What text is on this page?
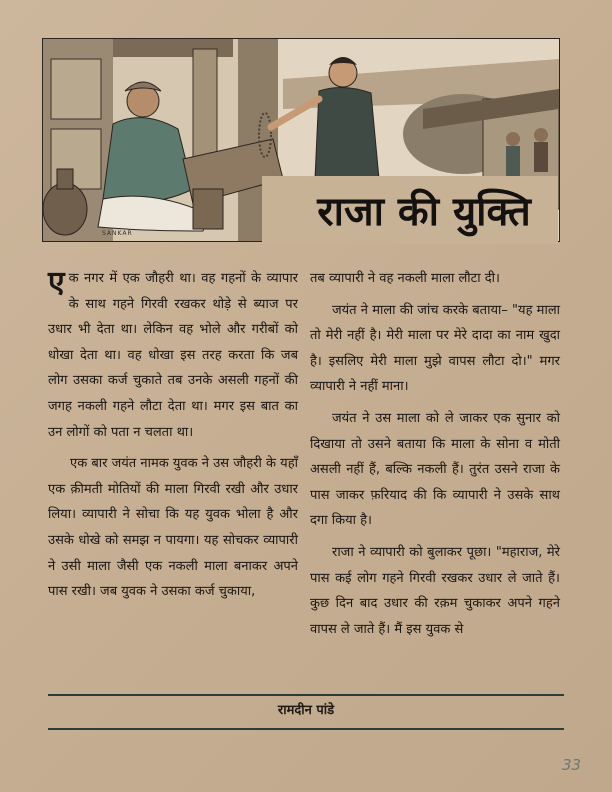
राजा की युक्ति
SANKAR

एक नगर में एक जौहरी था। वह गहनों के व्यापार के साथ गहने गिरवी रखकर थोड़े से ब्याज पर उधार भी देता था। लेकिन वह भोले और गरीबों को धोखा देता था। वह धोखा इस तरह करता कि जब लोग उसका कर्ज चुकाते तब उनके असली गहनों की जगह नकली गहने लौटा देता था। मगर इस बात का उन लोगों को पता न चलता था।

एक बार जयंत नामक युवक ने उस जौहरी के यहाँ एक क़ीमती मोतियों की माला गिरवी रखी और उधार लिया। व्यापारी ने सोचा कि यह युवक भोला है और उसके धोखे को समझ न पायगा। यह सोचकर व्यापारी ने उसी माला जैसी एक नकली माला बनाकर अपने पास रखी। जब युवक ने उसका कर्ज चुकाया,

तब व्यापारी ने वह नकली माला लौटा दी।

जयंत ने माला की जांच करके बताया– "यह माला तो मेरी नहीं है। मेरी माला पर मेरे दादा का नाम खुदा है। इसलिए मेरी माला मुझे वापस लौटा दो।" मगर व्यापारी ने नहीं माना।

जयंत ने उस माला को ले जाकर एक सुनार को दिखाया तो उसने बताया कि माला के सोना व मोती असली नहीं हैं, बल्कि नकली हैं। तुरंत उसने राजा के पास जाकर फ़रियाद की कि व्यापारी ने उसके साथ दगा किया है।

राजा ने व्यापारी को बुलाकर पूछा। "महाराज, मेरे पास कई लोग गहने गिरवी रखकर उधार ले जाते हैं। कुछ दिन बाद उधार की रक़म चुकाकर अपने गहने वापस ले जाते हैं। मैं इस युवक से

रामदीन पांडे
33
